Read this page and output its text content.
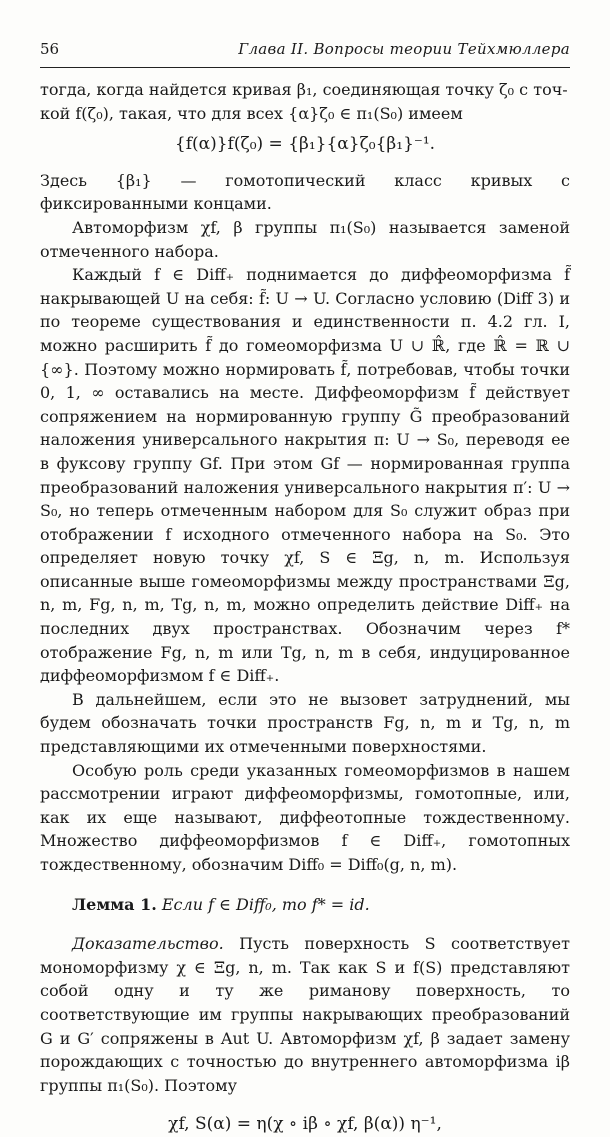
56	Глава II. Вопросы теории Тейхмюллера

тогда, когда найдется кривая β₁, соединяющая точку ζ₀ с точ-

кой f(ζ₀), такая, что для всех {α}ζ₀ ∈ π₁(S₀) имеем

{f(α)}f(ζ₀) = {β₁}{α}ζ₀{β₁}⁻¹.

Здесь {β₁} — гомотопический класс кривых с фиксированными концами.

Автоморфизм χf, β группы π₁(S₀) называется заменой отмеченного набора.

Каждый f ∈ Diff₊ поднимается до диффеоморфизма f̃ накрывающей U на себя: f̃: U → U. Согласно условию (Diff 3) и по теореме существования и единственности п. 4.2 гл. I, можно расширить f̃ до гомеоморфизма U ∪ ℝ̂, где ℝ̂ = ℝ ∪ {∞}. Поэтому можно нормировать f̃, потребовав, чтобы точки 0, 1, ∞ оставались на месте. Диффеоморфизм f̃ действует сопряжением на нормированную группу G̃ преобразований наложения универсального накрытия π: U → S₀, переводя ее в фуксову группу Gf. При этом Gf — нормированная группа преобразований наложения универсального накрытия π′: U → S₀, но теперь отмеченным набором для S₀ служит образ при отображении f исходного отмеченного набора на S₀. Это определяет новую точку χf, S ∈ Ξg, n, m. Используя описанные выше гомеоморфизмы между пространствами Ξg, n, m, Fg, n, m, Tg, n, m, можно определить действие Diff₊ на последних двух пространствах. Обозначим через f* отображение Fg, n, m или Tg, n, m в себя, индуцированное диффеоморфизмом f ∈ Diff₊.

В дальнейшем, если это не вызовет затруднений, мы будем обозначать точки пространств Fg, n, m и Tg, n, m представляющими их отмеченными поверхностями.

Особую роль среди указанных гомеоморфизмов в нашем рассмотрении играют диффеоморфизмы, гомотопные, или, как их еще называют, диффеотопные тождественному. Множество диффеоморфизмов f ∈ Diff₊, гомотопных тождественному, обозначим Diff₀ = Diff₀(g, n, m).

Лемма 1. Если f ∈ Diff₀, то f* = id.

Доказательство. Пусть поверхность S соответствует мономорфизму χ ∈ Ξg, n, m. Так как S и f(S) представляют собой одну и ту же риманову поверхность, то соответствующие им группы накрывающих преобразований G и G′ сопряжены в Aut U. Автоморфизм χf, β задает замену порождающих с точностью до внутреннего автоморфизма iβ группы π₁(S₀). Поэтому

χf, S(α) = η(χ ∘ iβ ∘ χf, β(α)) η⁻¹,
